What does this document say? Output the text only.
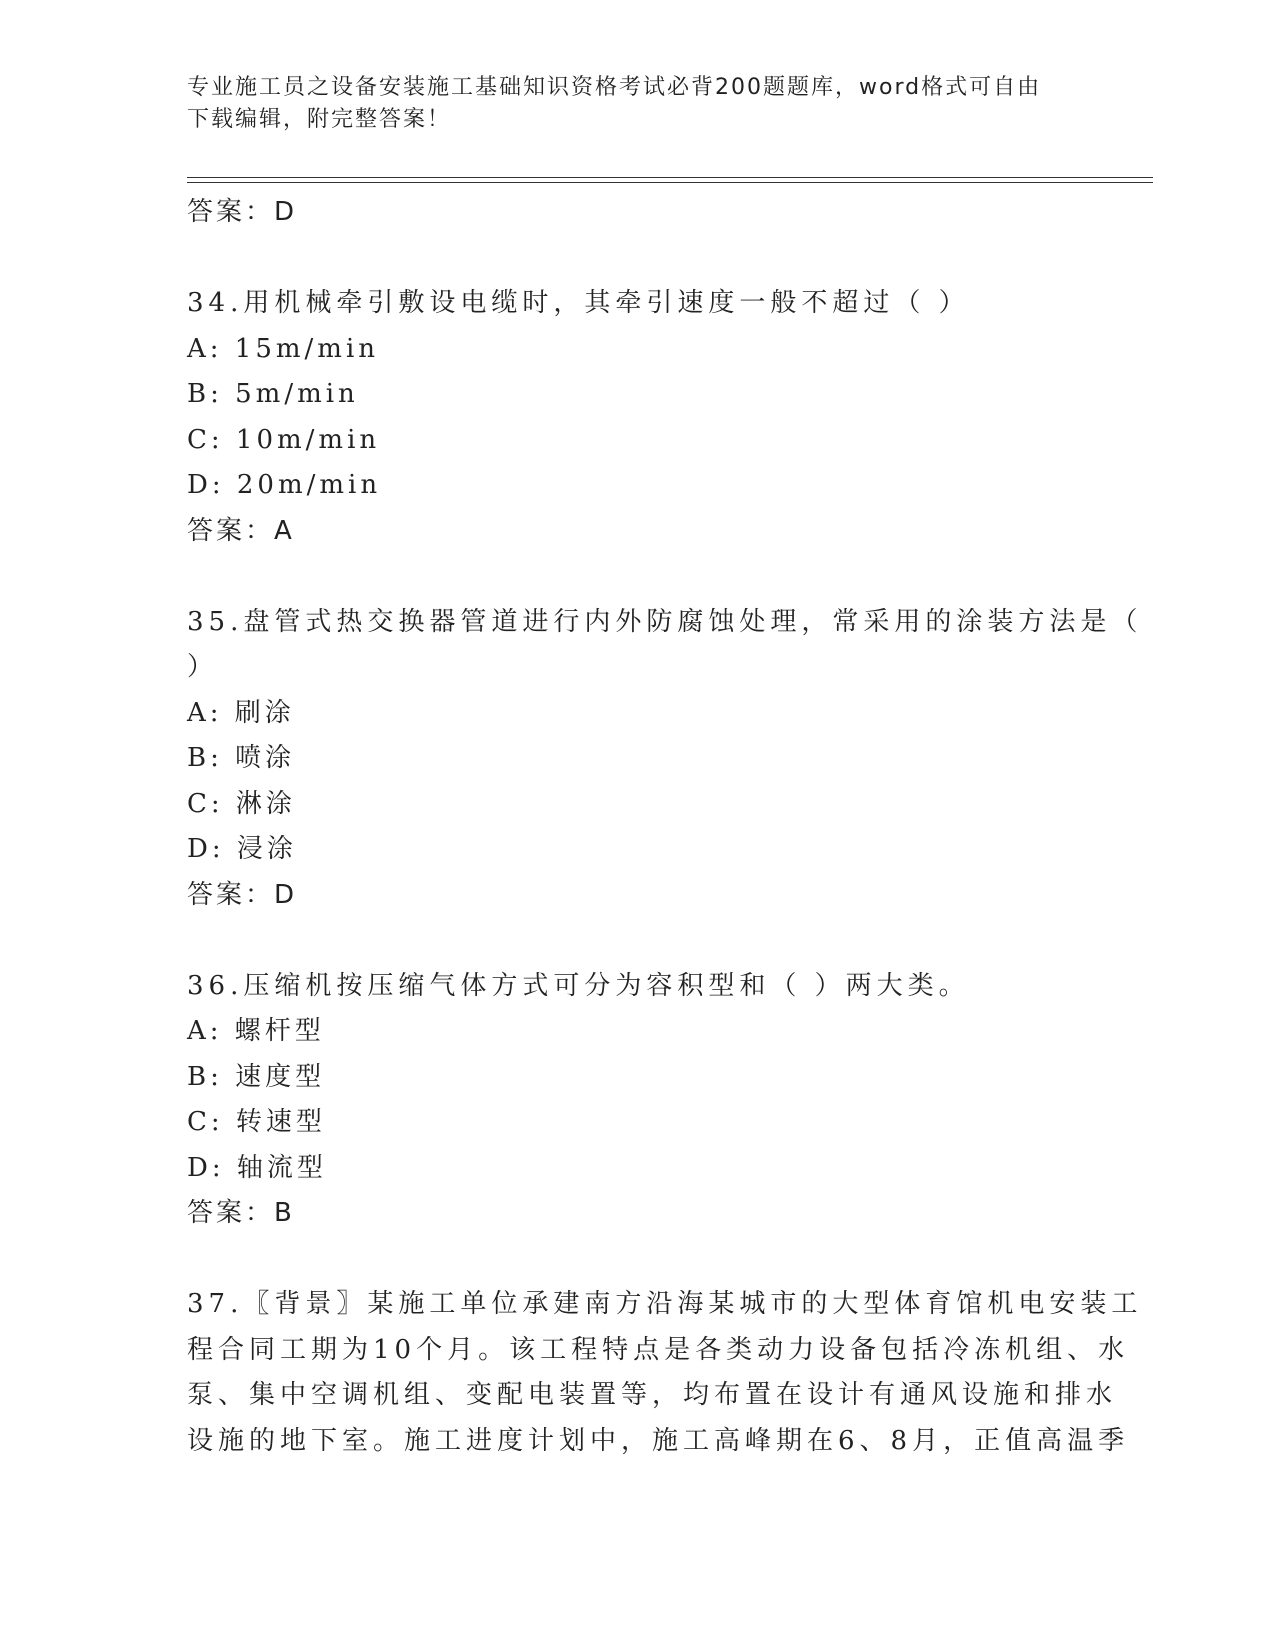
专业施工员之设备安装施工基础知识资格考试必背200题题库，word格式可自由
下载编辑，附完整答案！
答案：D
34.用机械牵引敷设电缆时，其牵引速度一般不超过（ ）
A: 15m/min
B: 5m/min
C: 10m/min
D: 20m/min
答案：A
35.盘管式热交换器管道进行内外防腐蚀处理，常采用的涂装方法是（
）
A: 刷涂
B: 喷涂
C: 淋涂
D: 浸涂
答案：D
36.压缩机按压缩气体方式可分为容积型和（ ）两大类。
A: 螺杆型
B: 速度型
C: 转速型
D: 轴流型
答案：B
37.〖背景〗某施工单位承建南方沿海某城市的大型体育馆机电安装工
程合同工期为10个月。该工程特点是各类动力设备包括冷冻机组、水
泵、集中空调机组、变配电装置等，均布置在设计有通风设施和排水
设施的地下室。施工进度计划中，施工高峰期在6、8月，正值高温季
